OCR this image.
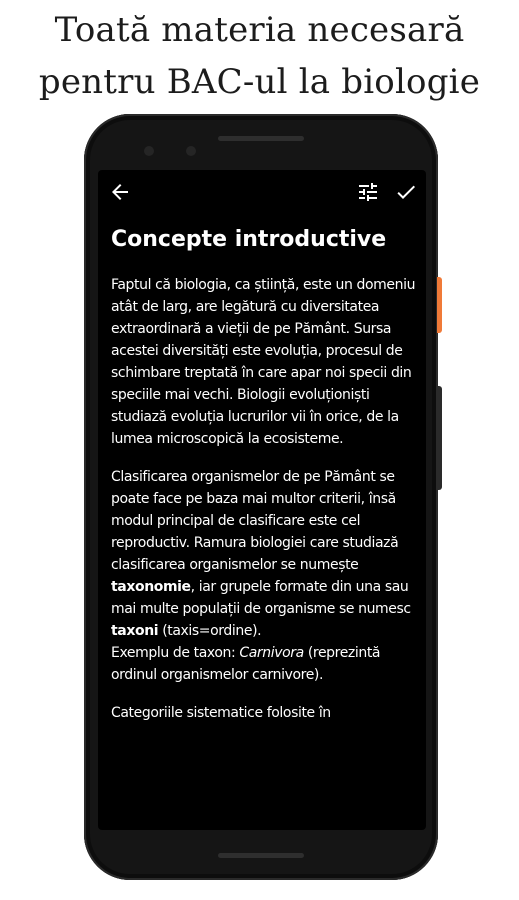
Toată materia necesară
pentru BAC-ul la biologie
Concepte introductive

Faptul că biologia, ca știință, este un domeniu atât de larg, are legătură cu diversitatea extraordinară a vieții de pe Pământ. Sursa acestei diversități este evoluția, procesul de schimbare treptată în care apar noi specii din speciile mai vechi. Biologii evoluționiști studiază evoluția lucrurilor vii în orice, de la lumea microscopică la ecosisteme.

Clasificarea organismelor de pe Pământ se poate face pe baza mai multor criterii, însă modul principal de clasificare este cel reproductiv. Ramura biologiei care studiază clasificarea organismelor se numește taxonomie, iar grupele formate din una sau mai multe populații de organisme se numesc taxoni (taxis=ordine).
Exemplu de taxon: Carnivora (reprezintă ordinul organismelor carnivore).

Categoriile sistematice folosite în
